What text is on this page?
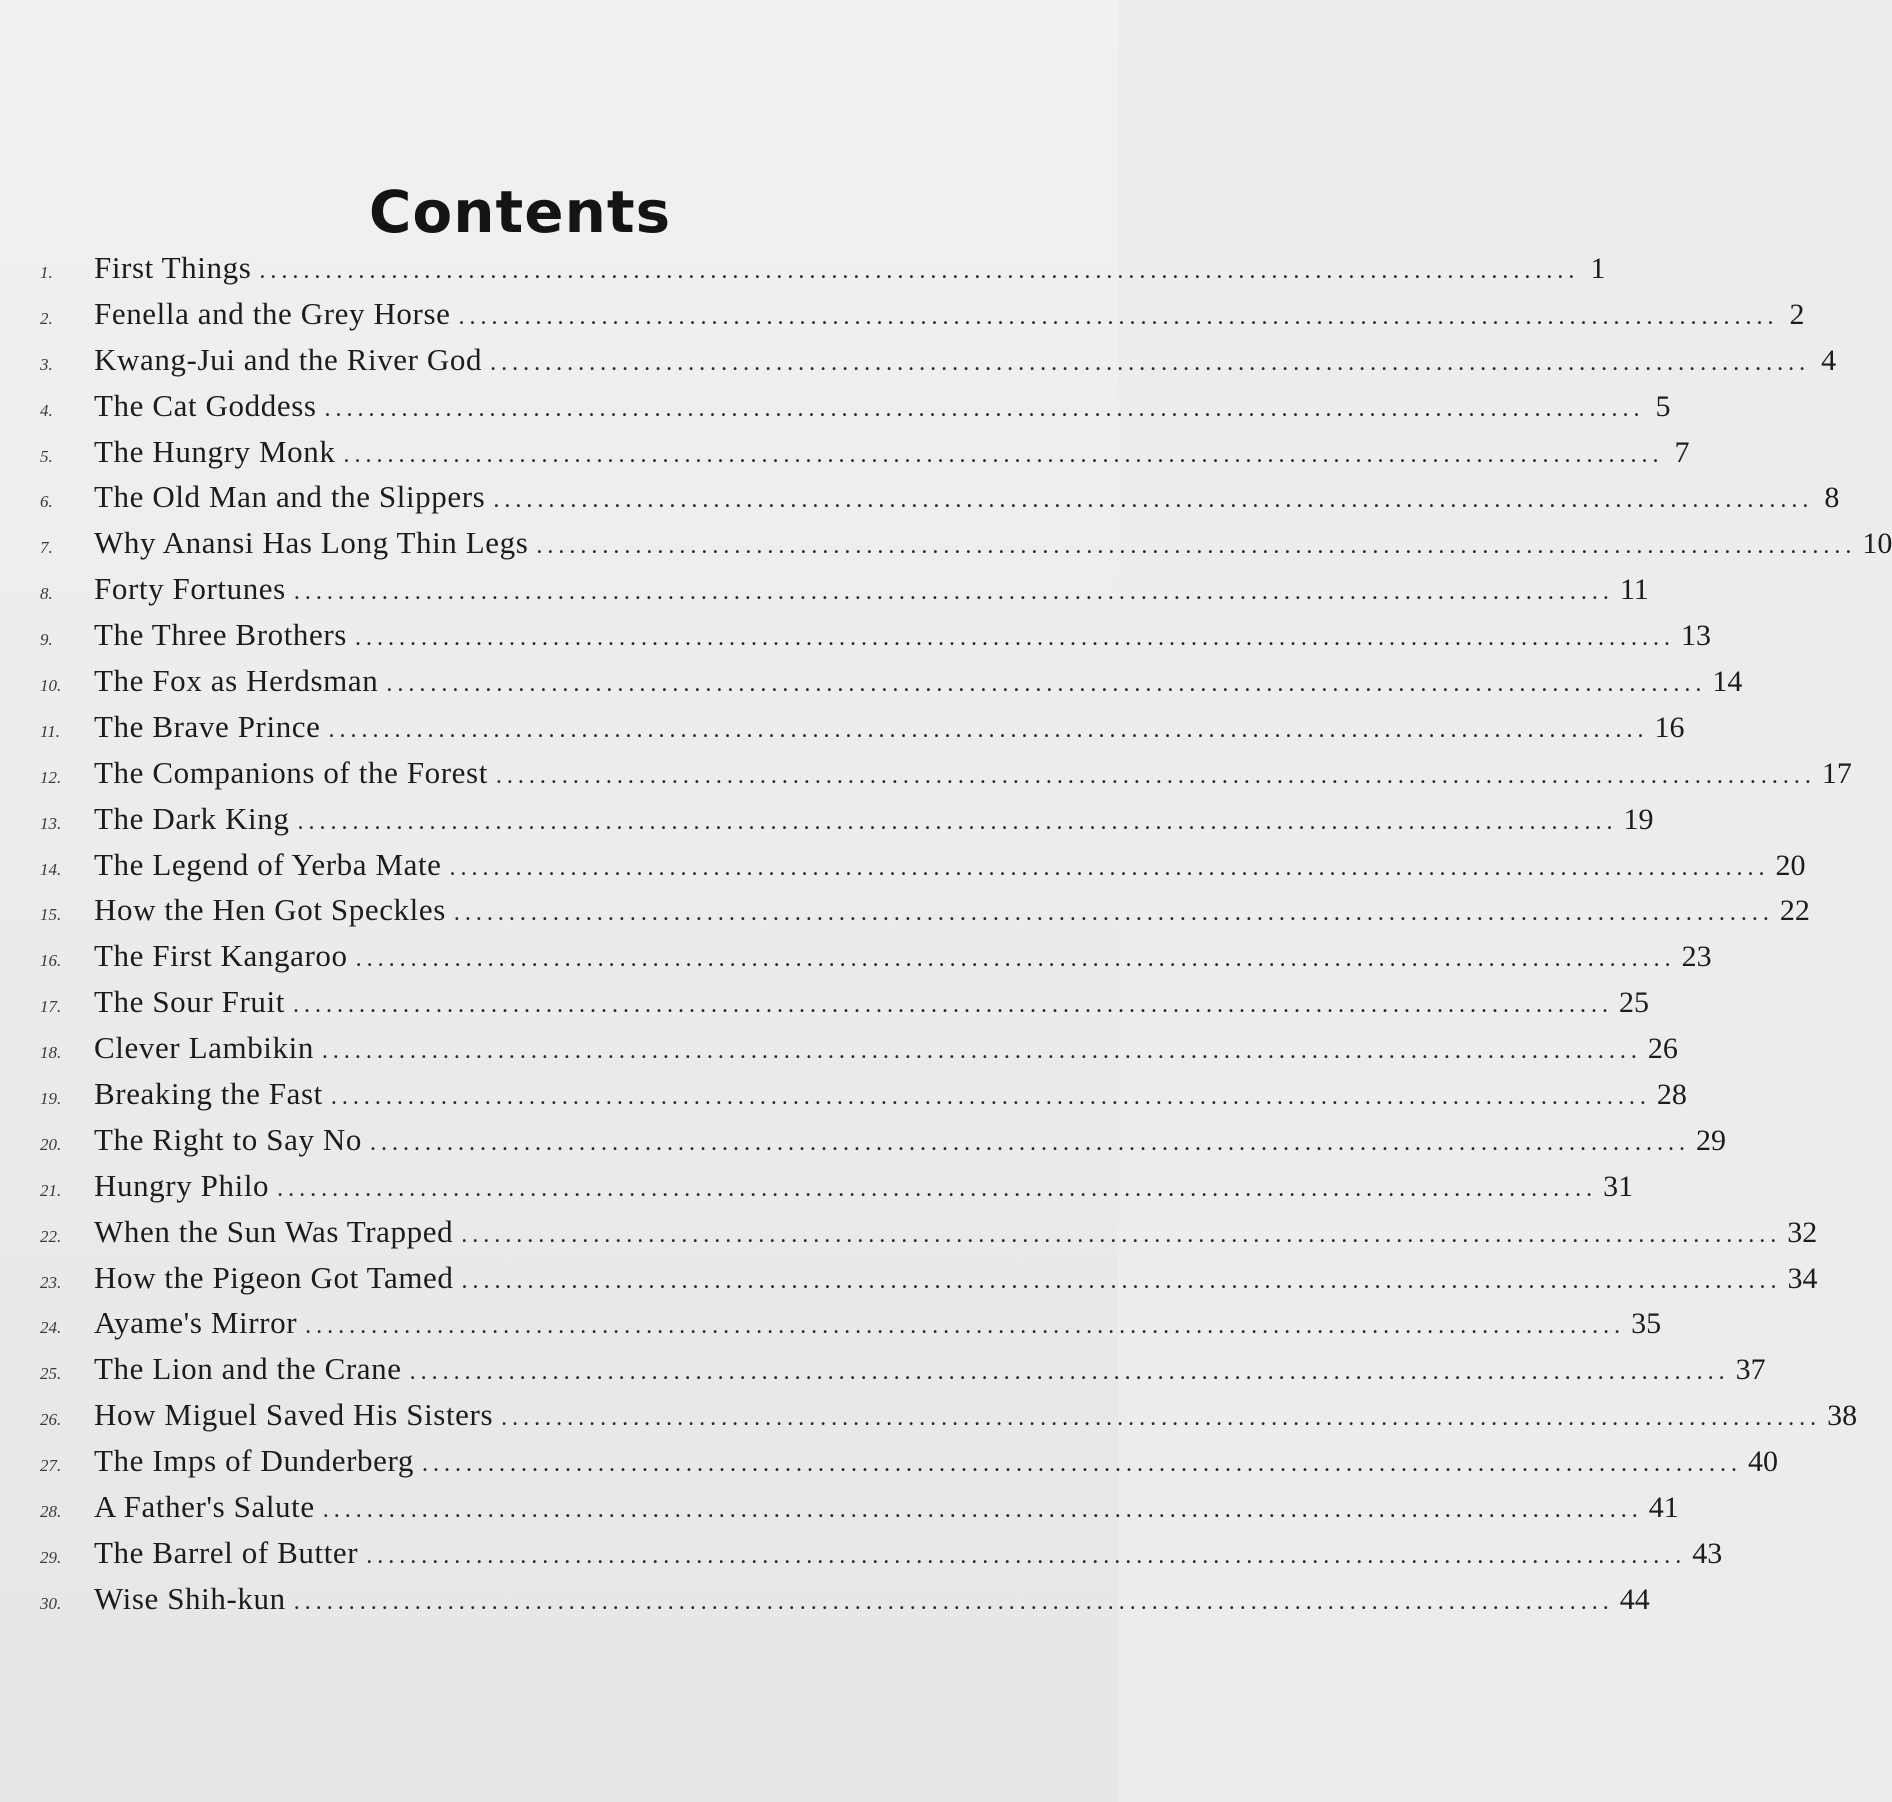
Contents
1.	First Things ........................................................................................................................ 1
2.	Fenella and the Grey Horse ........................................................................................................................ 2
3.	Kwang-Jui and the River God ........................................................................................................................ 4
4.	The Cat Goddess ........................................................................................................................ 5
5.	The Hungry Monk ........................................................................................................................ 7
6.	The Old Man and the Slippers ........................................................................................................................ 8
7.	Why Anansi Has Long Thin Legs ........................................................................................................................ 10
8.	Forty Fortunes ........................................................................................................................ 11
9.	The Three Brothers ........................................................................................................................ 13
10.	The Fox as Herdsman ........................................................................................................................ 14
11.	The Brave Prince ........................................................................................................................ 16
12.	The Companions of the Forest ........................................................................................................................ 17
13.	The Dark King ........................................................................................................................ 19
14.	The Legend of Yerba Mate ........................................................................................................................ 20
15.	How the Hen Got Speckles ........................................................................................................................ 22
16.	The First Kangaroo ........................................................................................................................ 23
17.	The Sour Fruit ........................................................................................................................ 25
18.	Clever Lambikin ........................................................................................................................ 26
19.	Breaking the Fast ........................................................................................................................ 28
20.	The Right to Say No ........................................................................................................................ 29
21.	Hungry Philo ........................................................................................................................ 31
22.	When the Sun Was Trapped ........................................................................................................................ 32
23.	How the Pigeon Got Tamed ........................................................................................................................ 34
24.	Ayame's Mirror ........................................................................................................................ 35
25.	The Lion and the Crane ........................................................................................................................ 37
26.	How Miguel Saved His Sisters ........................................................................................................................ 38
27.	The Imps of Dunderberg ........................................................................................................................ 40
28.	A Father's Salute ........................................................................................................................ 41
29.	The Barrel of Butter ........................................................................................................................ 43
30.	Wise Shih-kun ........................................................................................................................ 44
